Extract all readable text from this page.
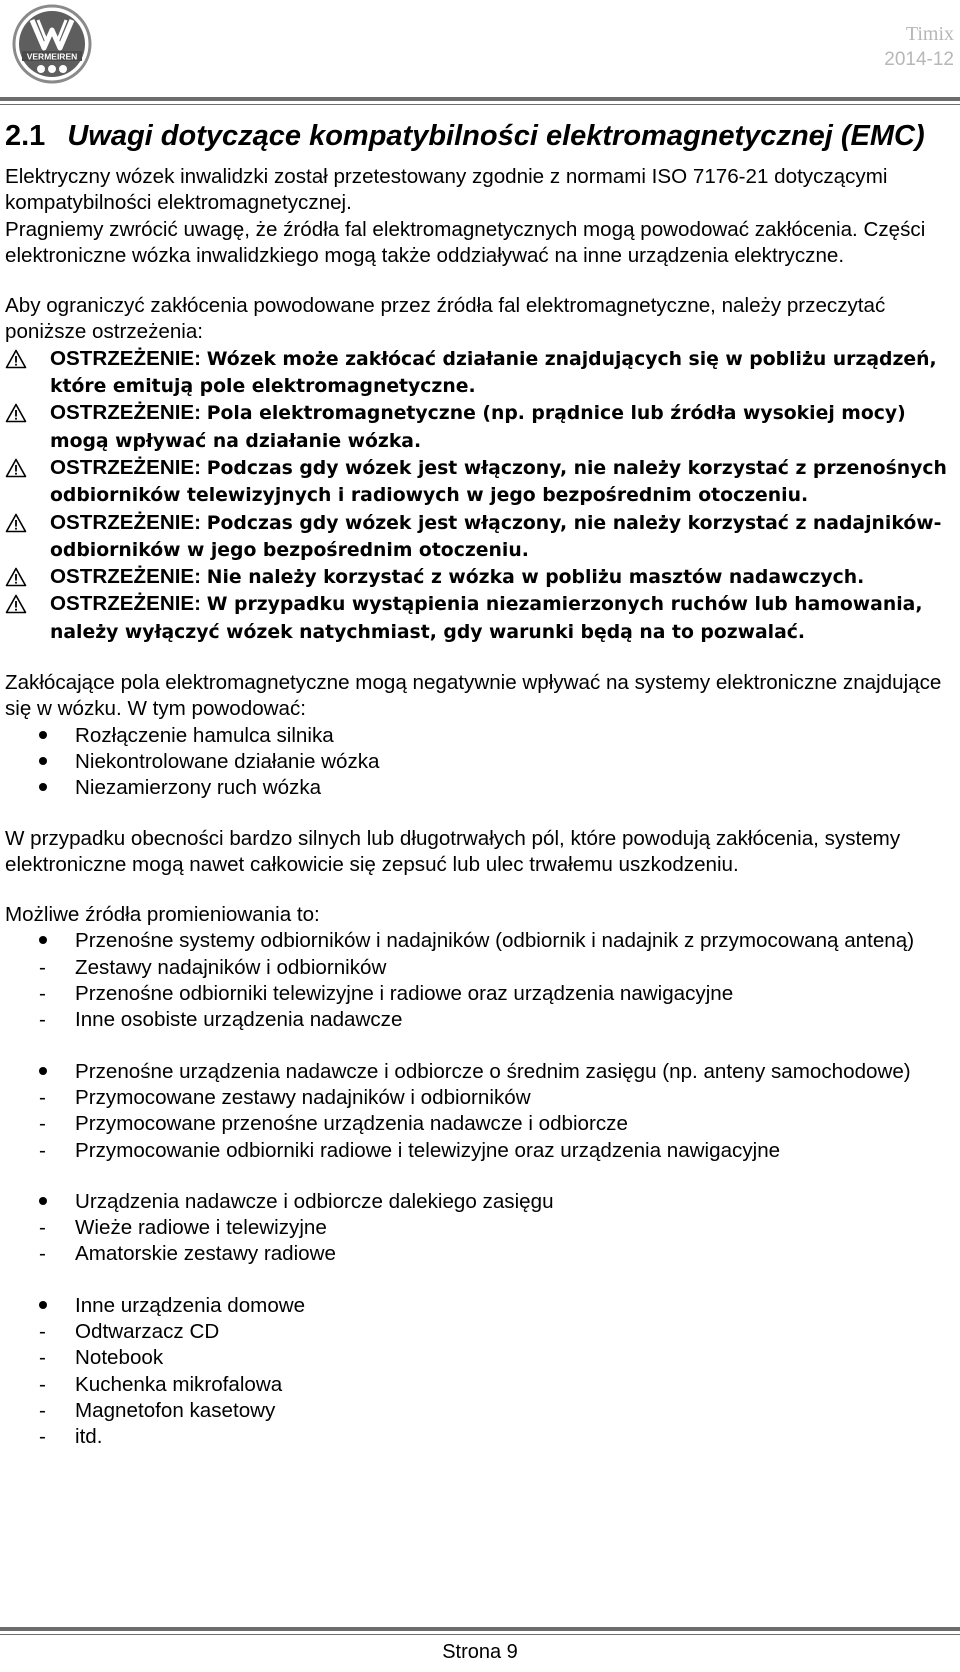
VERMEIREN
Timix
2014-12
2.1 Uwagi dotyczące kompatybilności elektromagnetycznej (EMC)

Elektryczny wózek inwalidzki został przetestowany zgodnie z normami ISO 7176-21 dotyczącymi kompatybilności elektromagnetycznej.

Pragniemy zwrócić uwagę, że źródła fal elektromagnetycznych mogą powodować zakłócenia. Części elektroniczne wózka inwalidzkiego mogą także oddziaływać na inne urządzenia elektryczne.

Aby ograniczyć zakłócenia powodowane przez źródła fal elektromagnetyczne, należy przeczytać poniższe ostrzeżenia:

OSTRZEŻENIE: Wózek może zakłócać działanie znajdujących się w pobliżu urządzeń, które emitują pole elektromagnetyczne.
OSTRZEŻENIE: Pola elektromagnetyczne (np. prądnice lub źródła wysokiej mocy) mogą wpływać na działanie wózka.
OSTRZEŻENIE: Podczas gdy wózek jest włączony, nie należy korzystać z przenośnych odbiorników telewizyjnych i radiowych w jego bezpośrednim otoczeniu.
OSTRZEŻENIE: Podczas gdy wózek jest włączony, nie należy korzystać z nadajników-odbiorników w jego bezpośrednim otoczeniu.
OSTRZEŻENIE: Nie należy korzystać z wózka w pobliżu masztów nadawczych.
OSTRZEŻENIE: W przypadku wystąpienia niezamierzonych ruchów lub hamowania, należy wyłączyć wózek natychmiast, gdy warunki będą na to pozwalać.

Zakłócające pola elektromagnetyczne mogą negatywnie wpływać na systemy elektroniczne znajdujące się w wózku. W tym powodować:

Rozłączenie hamulca silnika
Niekontrolowane działanie wózka
Niezamierzony ruch wózka

W przypadku obecności bardzo silnych lub długotrwałych pól, które powodują zakłócenia, systemy elektroniczne mogą nawet całkowicie się zepsuć lub ulec trwałemu uszkodzeniu.

Możliwe źródła promieniowania to:

Przenośne systemy odbiorników i nadajników (odbiornik i nadajnik z przymocowaną anteną)
-	Zestawy nadajników i odbiorników
-	Przenośne odbiorniki telewizyjne i radiowe oraz urządzenia nawigacyjne
-	Inne osobiste urządzenia nadawcze
Przenośne urządzenia nadawcze i odbiorcze o średnim zasięgu (np. anteny samochodowe)
-	Przymocowane zestawy nadajników i odbiorników
-	Przymocowane przenośne urządzenia nadawcze i odbiorcze
-	Przymocowanie odbiorniki radiowe i telewizyjne oraz urządzenia nawigacyjne
Urządzenia nadawcze i odbiorcze dalekiego zasięgu
-	Wieże radiowe i telewizyjne
-	Amatorskie zestawy radiowe
Inne urządzenia domowe
-	Odtwarzacz CD
-	Notebook
-	Kuchenka mikrofalowa
-	Magnetofon kasetowy
-	itd.
Strona 9
